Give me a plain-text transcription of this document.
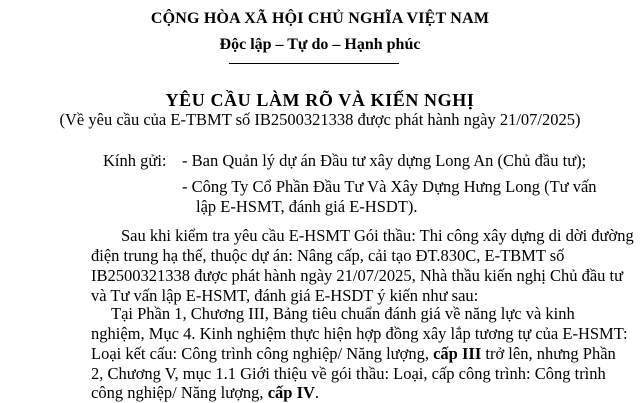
CỘNG HÒA XÃ HỘI CHỦ NGHĨA VIỆT NAM
Độc lập – Tự do – Hạnh phúc
YÊU CẦU LÀM RÕ VÀ KIẾN NGHỊ
(Về yêu cầu của E-TBMT số IB2500321338 được phát hành ngày 21/07/2025)
Kính gửi: - Ban Quản lý dự án Đầu tư xây dựng Long An (Chủ đầu tư);
- Công Ty Cổ Phần Đầu Tư Và Xây Dựng Hưng Long (Tư vấn
lập E-HSMT, đánh giá E-HSDT).
Sau khi kiểm tra yêu cầu E-HSMT Gói thầu: Thi công xây dựng di dời đường
điện trung hạ thế, thuộc dự án: Nâng cấp, cải tạo ĐT.830C, E-TBMT số
IB2500321338 được phát hành ngày 21/07/2025, Nhà thầu kiến nghị Chủ đầu tư
và Tư vấn lập E-HSMT, đánh giá E-HSDT ý kiến như sau:
Tại Phần 1, Chương III, Bảng tiêu chuẩn đánh giá về năng lực và kinh
nghiệm, Mục 4. Kinh nghiệm thực hiện hợp đồng xây lắp tương tự của E-HSMT:
Loại kết cấu: Công trình công nghiệp/ Năng lượng, cấp III trở lên, nhưng Phần
2, Chương V, mục 1.1 Giới thiệu về gói thầu: Loại, cấp công trình: Công trình
công nghiệp/ Năng lượng, cấp IV.
